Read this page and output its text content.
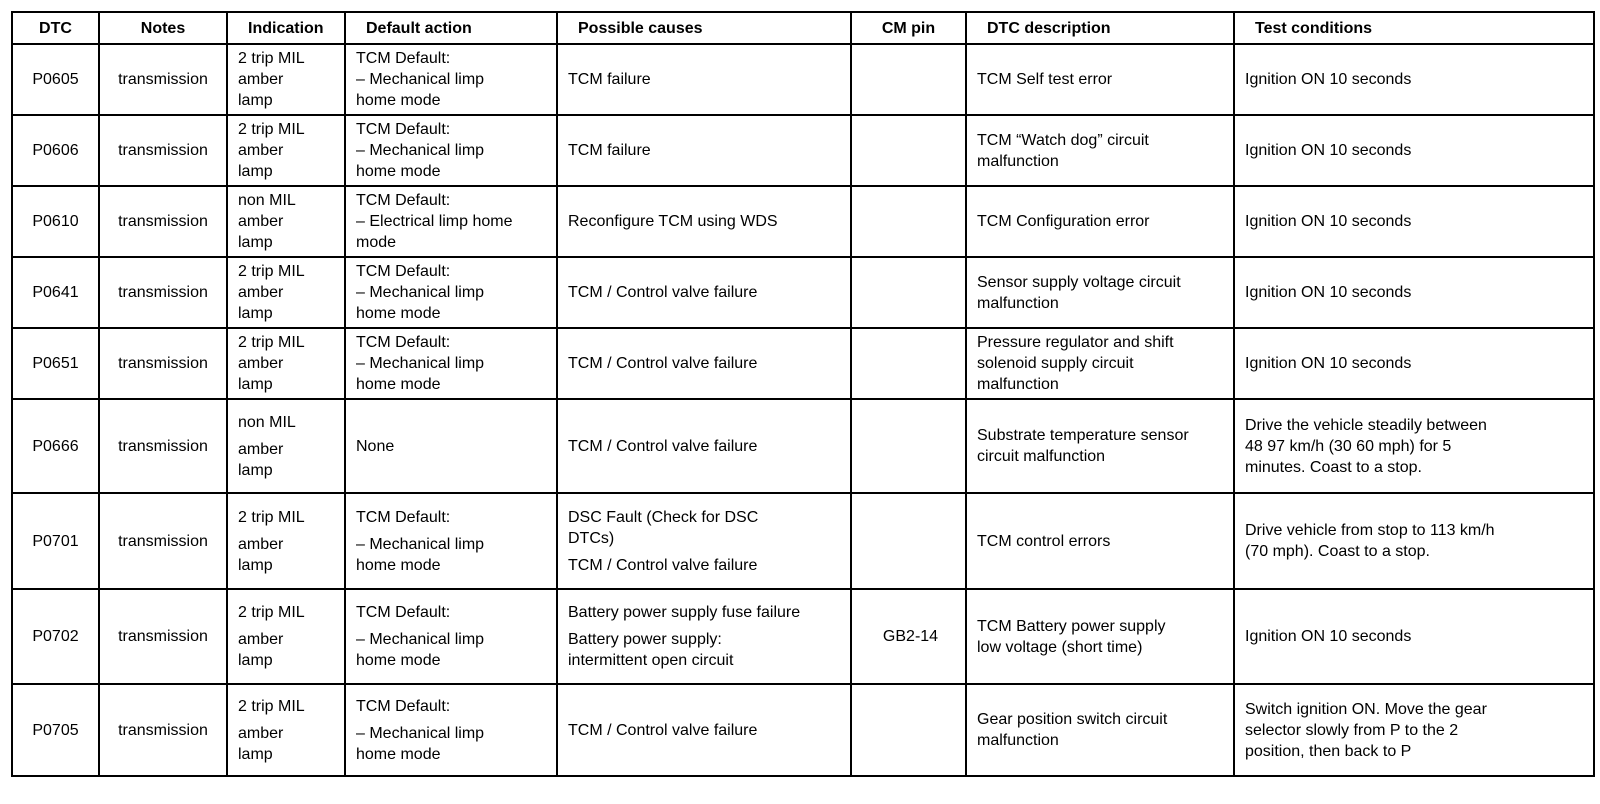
DTC	Notes	Indication	Default action	Possible causes	CM pin	DTC description	Test conditions
P0605	transmission	2 trip MIL
amber
lamp	TCM Default:
– Mechanical limp
home mode	TCM failure		TCM Self test error	Ignition ON 10 seconds

P0606	transmission	2 trip MIL
amber
lamp	TCM Default:
– Mechanical limp
home mode	TCM failure		TCM “Watch dog” circuit
malfunction	Ignition ON 10 seconds

P0610	transmission	non MIL
amber
lamp	TCM Default:
– Electrical limp home
mode	Reconfigure TCM using WDS		TCM Configuration error	Ignition ON 10 seconds

P0641	transmission	2 trip MIL
amber
lamp	TCM Default:
– Mechanical limp
home mode	TCM / Control valve failure		Sensor supply voltage circuit
malfunction	Ignition ON 10 seconds

P0651	transmission	2 trip MIL
amber
lamp	TCM Default:
– Mechanical limp
home mode	TCM / Control valve failure		Pressure regulator and shift
solenoid supply circuit
malfunction	Ignition ON 10 seconds

P0666	transmission	non MIL
amber
lamp	None	TCM / Control valve failure		Substrate temperature sensor
circuit malfunction	Drive the vehicle steadily between
48 97 km/h (30 60 mph) for 5
minutes. Coast to a stop.

P0701	transmission	2 trip MIL
amber
lamp	TCM Default:
– Mechanical limp
home mode	DSC Fault (Check for DSC
DTCs)
TCM / Control valve failure		TCM control errors	Drive vehicle from stop to 113 km/h
(70 mph). Coast to a stop.

P0702	transmission	2 trip MIL
amber
lamp	TCM Default:
– Mechanical limp
home mode	Battery power supply fuse failure
Battery power supply:
intermittent open circuit	GB2-14	TCM Battery power supply
low voltage (short time)	Ignition ON 10 seconds

P0705	transmission	2 trip MIL
amber
lamp	TCM Default:
– Mechanical limp
home mode	TCM / Control valve failure		Gear position switch circuit
malfunction	Switch ignition ON. Move the gear
selector slowly from P to the 2
position, then back to P
